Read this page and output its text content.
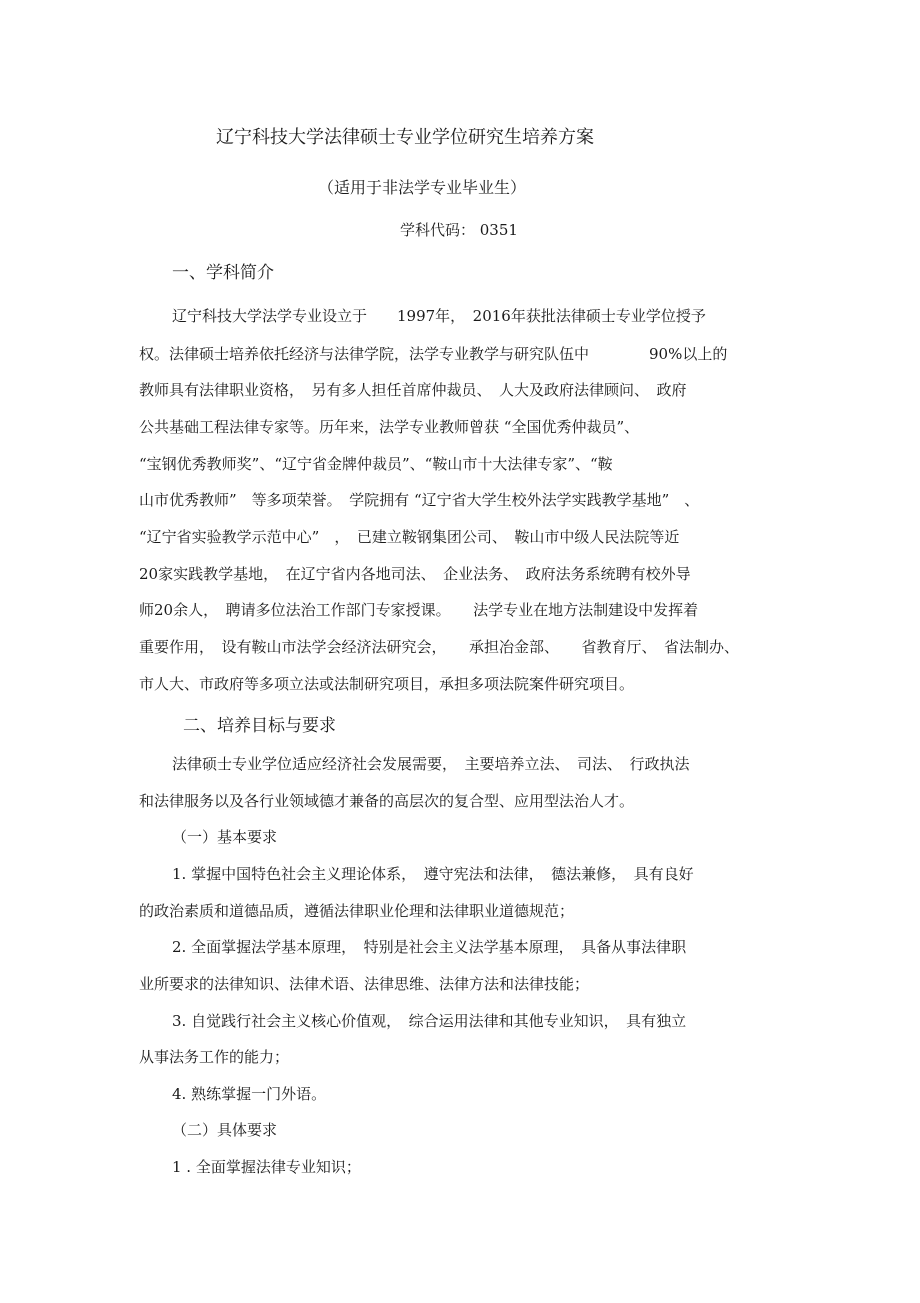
辽宁科技大学法律硕士专业学位研究生培养方案
（适用于非法学专业毕业生）
学科代码： 0351
一、学科简介
辽宁科技大学法学专业设立于　　1997年，　2016年获批法律硕士专业学位授予
权。法律硕士培养依托经济与法律学院，法学专业教学与研究队伍中　　　　90%以上的
教师具有法律职业资格，　另有多人担任首席仲裁员、　人大及政府法律顾问、　政府
公共基础工程法律专家等。历年来，法学专业教师曾获 “全国优秀仲裁员”、
“宝钢优秀教师奖”、“辽宁省金牌仲裁员”、“鞍山市十大法律专家”、“鞍
山市优秀教师”　等多项荣誉。　学院拥有 “辽宁省大学生校外法学实践教学基地”　、
“辽宁省实验教学示范中心”　，　已建立鞍钢集团公司、　鞍山市中级人民法院等近
20家实践教学基地，　在辽宁省内各地司法、　企业法务、　政府法务系统聘有校外导
师20余人，　聘请多位法治工作部门专家授课。　　法学专业在地方法制建设中发挥着
重要作用，　设有鞍山市法学会经济法研究会，　　承担冶金部、　　省教育厅、　省法制办、
市人大、市政府等多项立法或法制研究项目，承担多项法院案件研究项目。
二、培养目标与要求
法律硕士专业学位适应经济社会发展需要，　主要培养立法、　司法、　行政执法
和法律服务以及各行业领域德才兼备的高层次的复合型、应用型法治人才。
（一）基本要求
1. 掌握中国特色社会主义理论体系，　遵守宪法和法律，　德法兼修，　具有良好
的政治素质和道德品质，遵循法律职业伦理和法律职业道德规范；
2. 全面掌握法学基本原理，　特别是社会主义法学基本原理，　具备从事法律职
业所要求的法律知识、法律术语、法律思维、法律方法和法律技能；
3. 自觉践行社会主义核心价值观，　综合运用法律和其他专业知识，　具有独立
从事法务工作的能力；
4. 熟练掌握一门外语。
（二）具体要求
1 . 全面掌握法律专业知识；
